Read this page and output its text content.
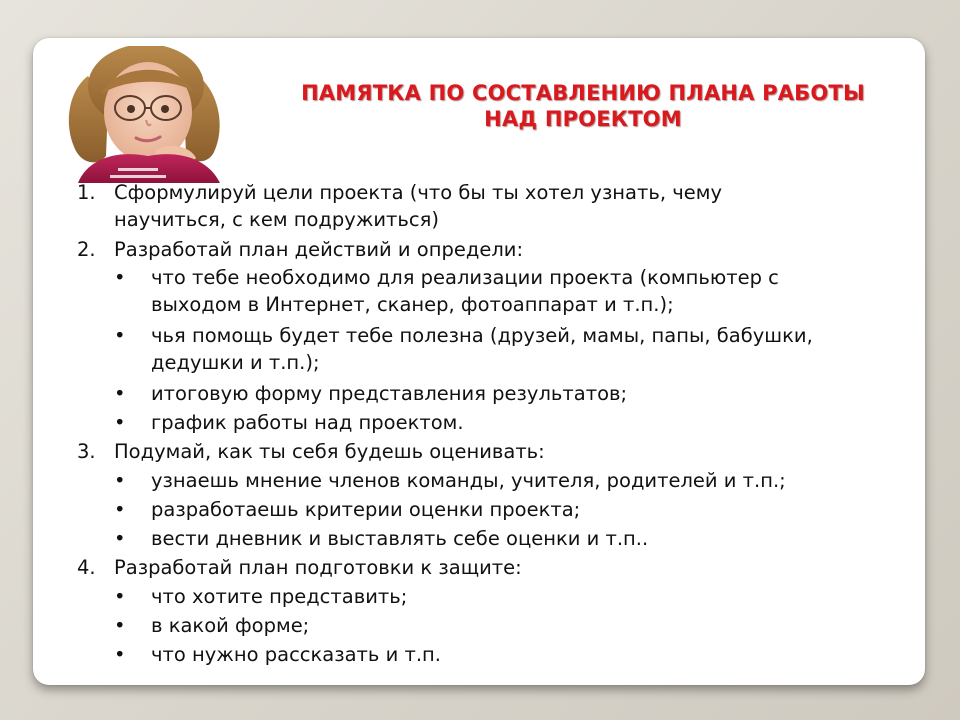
ПАМЯТКА ПО СОСТАВЛЕНИЮ ПЛАНА РАБОТЫ
НАД ПРОЕКТОМ
1. Сформулируй цели проекта (что бы ты хотел узнать, чему
научиться, с кем подружиться)
2. Разработай план действий и определи:
• что тебе необходимо для реализации проекта (компьютер с
выходом в Интернет, сканер, фотоаппарат и т.п.);
• чья помощь будет тебе полезна (друзей, мамы, папы, бабушки,
дедушки и т.п.);
• итоговую форму представления результатов;
• график работы над проектом.
3. Подумай, как ты себя будешь оценивать:
• узнаешь мнение членов команды, учителя, родителей и т.п.;
• разработаешь критерии оценки проекта;
• вести дневник и выставлять себе оценки и т.п..
4. Разработай план подготовки к защите:
• что хотите представить;
• в какой форме;
• что нужно рассказать и т.п.
